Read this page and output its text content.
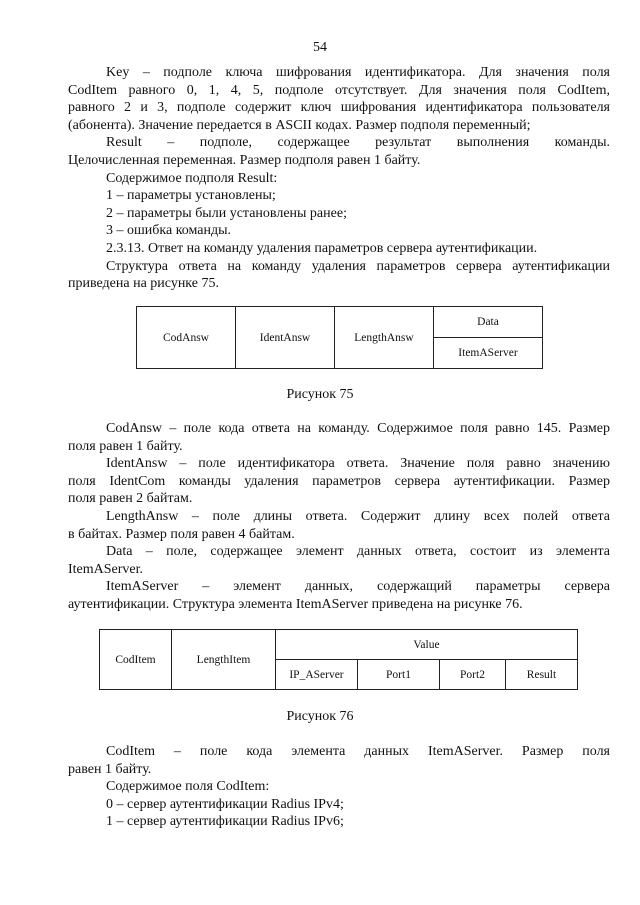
54

Key – подполе ключа шифрования идентификатора. Для значения поля

CodItem равного 0, 1, 4, 5, подполе отсутствует. Для значения поля CodItem,

равного 2 и 3, подполе содержит ключ шифрования идентификатора пользователя

(абонента). Значение передается в ASCII кодах. Размер подполя переменный;

Result – подполе, содержащее результат выполнения команды.

Целочисленная переменная. Размер подполя равен 1 байту.

Содержимое подполя Result:

1 – параметры установлены;

2 – параметры были установлены ранее;

3 – ошибка команды.

2.3.13. Ответ на команду удаления параметров сервера аутентификации.

Структура ответа на команду удаления параметров сервера аутентификации

приведена на рисунке 75.

CodAnsw	IdentAnsw	LengthAnsw	Data
ItemAServer
Рисунок 75

CodAnsw – поле кода ответа на команду. Содержимое поля равно 145. Размер

поля равен 1 байту.

IdentAnsw – поле идентификатора ответа. Значение поля равно значению

поля IdentCom команды удаления параметров сервера аутентификации. Размер

поля равен 2 байтам.

LengthAnsw – поле длины ответа. Содержит длину всех полей ответа

в байтах. Размер поля равен 4 байтам.

Data – поле, содержащее элемент данных ответа, состоит из элемента

ItemAServer.

ItemAServer – элемент данных, содержащий параметры сервера

аутентификации. Структура элемента ItemAServer приведена на рисунке 76.

CodItem	LengthItem	Value			
		IP_AServer	Port1	Port2	Result
Рисунок 76

CodItem – поле кода элемента данных ItemAServer. Размер поля

равен 1 байту.

Содержимое поля CodItem:

0 – сервер аутентификации Radius IPv4;

1 – сервер аутентификации Radius IPv6;
